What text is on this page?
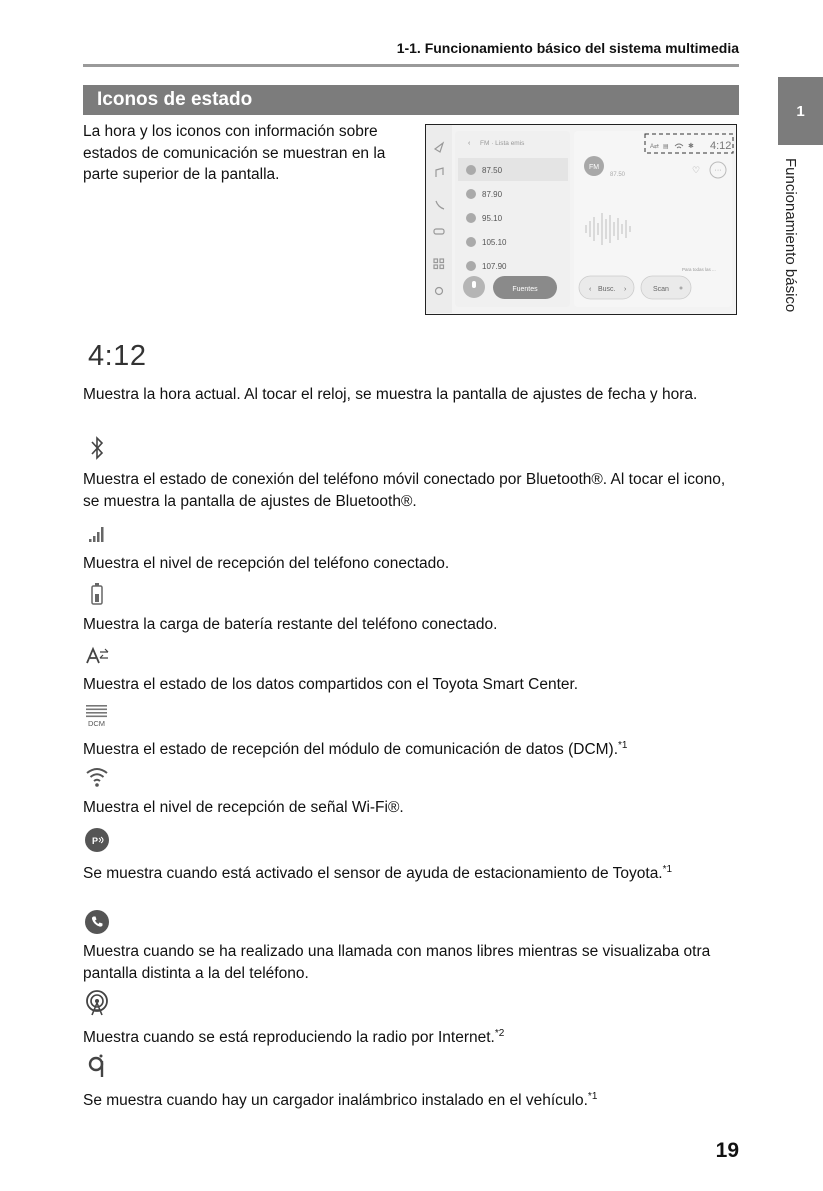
1-1. Funcionamiento básico del sistema multimedia
1
Funcionamiento básico
Iconos de estado
La hora y los iconos con información sobre estados de comunicación se muestran en la parte superior de la pantalla.
‹ FM · Lista emis
87.50
87.90
95.10
105.10
107.90
Fuentes
FM
87.50	♡ ···
Para todas las ...
‹ Busc. ›	Scan
A⇄ ▤	✱ 4:12
4:12
Muestra la hora actual. Al tocar el reloj, se muestra la pantalla de ajustes de fecha y hora.
Muestra el estado de conexión del teléfono móvil conectado por Bluetooth®. Al tocar el icono, se muestra la pantalla de ajustes de Bluetooth®.
Muestra el nivel de recepción del teléfono conectado.
Muestra la carga de batería restante del teléfono conectado.
Muestra el estado de los datos compartidos con el Toyota Smart Center.
DCM
Muestra el estado de recepción del módulo de comunicación de datos (DCM).$^{*1}$
Muestra el nivel de recepción de señal Wi-Fi®.
P
Se muestra cuando está activado el sensor de ayuda de estacionamiento de Toyota.$^{*1}$
Muestra cuando se ha realizado una llamada con manos libres mientras se visualizaba otra pantalla distinta a la del teléfono.
Muestra cuando se está reproduciendo la radio por Internet.$^{*2}$
Se muestra cuando hay un cargador inalámbrico instalado en el vehículo.$^{*1}$
19
